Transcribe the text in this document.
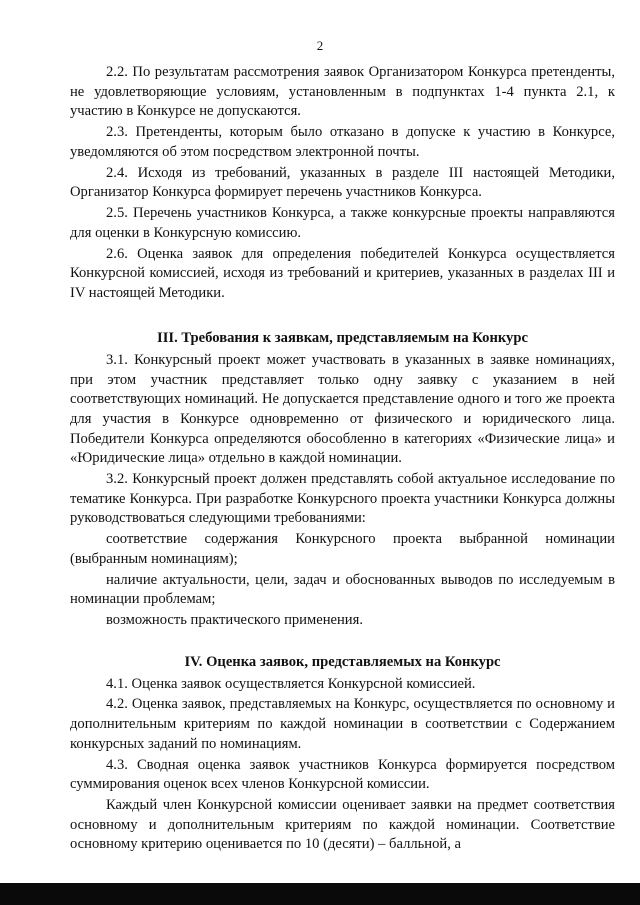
2

2.2. По результатам рассмотрения заявок Организатором Конкурса претенденты, не удовлетворяющие условиям, установленным в подпунктах 1-4 пункта 2.1, к участию в Конкурсе не допускаются.

2.3. Претенденты, которым было отказано в допуске к участию в Конкурсе, уведомляются об этом посредством электронной почты.

2.4. Исходя из требований, указанных в разделе III настоящей Методики, Организатор Конкурса формирует перечень участников Конкурса.

2.5. Перечень участников Конкурса, а также конкурсные проекты направляются для оценки в Конкурсную комиссию.

2.6. Оценка заявок для определения победителей Конкурса осуществляется Конкурсной комиссией, исходя из требований и критериев, указанных в разделах III и IV настоящей Методики.

III. Требования к заявкам, представляемым на Конкурс

3.1. Конкурсный проект может участвовать в указанных в заявке номинациях, при этом участник представляет только одну заявку с указанием в ней соответствующих номинаций. Не допускается представление одного и того же проекта для участия в Конкурсе одновременно от физического и юридического лица. Победители Конкурса определяются обособленно в категориях «Физические лица» и «Юридические лица» отдельно в каждой номинации.

3.2. Конкурсный проект должен представлять собой актуальное исследование по тематике Конкурса. При разработке Конкурсного проекта участники Конкурса должны руководствоваться следующими требованиями:

соответствие содержания Конкурсного проекта выбранной номинации (выбранным номинациям);

наличие актуальности, цели, задач и обоснованных выводов по исследуемым в номинации проблемам;

возможность практического применения.

IV. Оценка заявок, представляемых на Конкурс

4.1. Оценка заявок осуществляется Конкурсной комиссией.

4.2. Оценка заявок, представляемых на Конкурс, осуществляется по основному и дополнительным критериям по каждой номинации в соответствии с Содержанием конкурсных заданий по номинациям.

4.3. Сводная оценка заявок участников Конкурса формируется посредством суммирования оценок всех членов Конкурсной комиссии.

Каждый член Конкурсной комиссии оценивает заявки на предмет соответствия основному и дополнительным критериям по каждой номинации. Соответствие основному критерию оценивается по 10 (десяти) – балльной, а
